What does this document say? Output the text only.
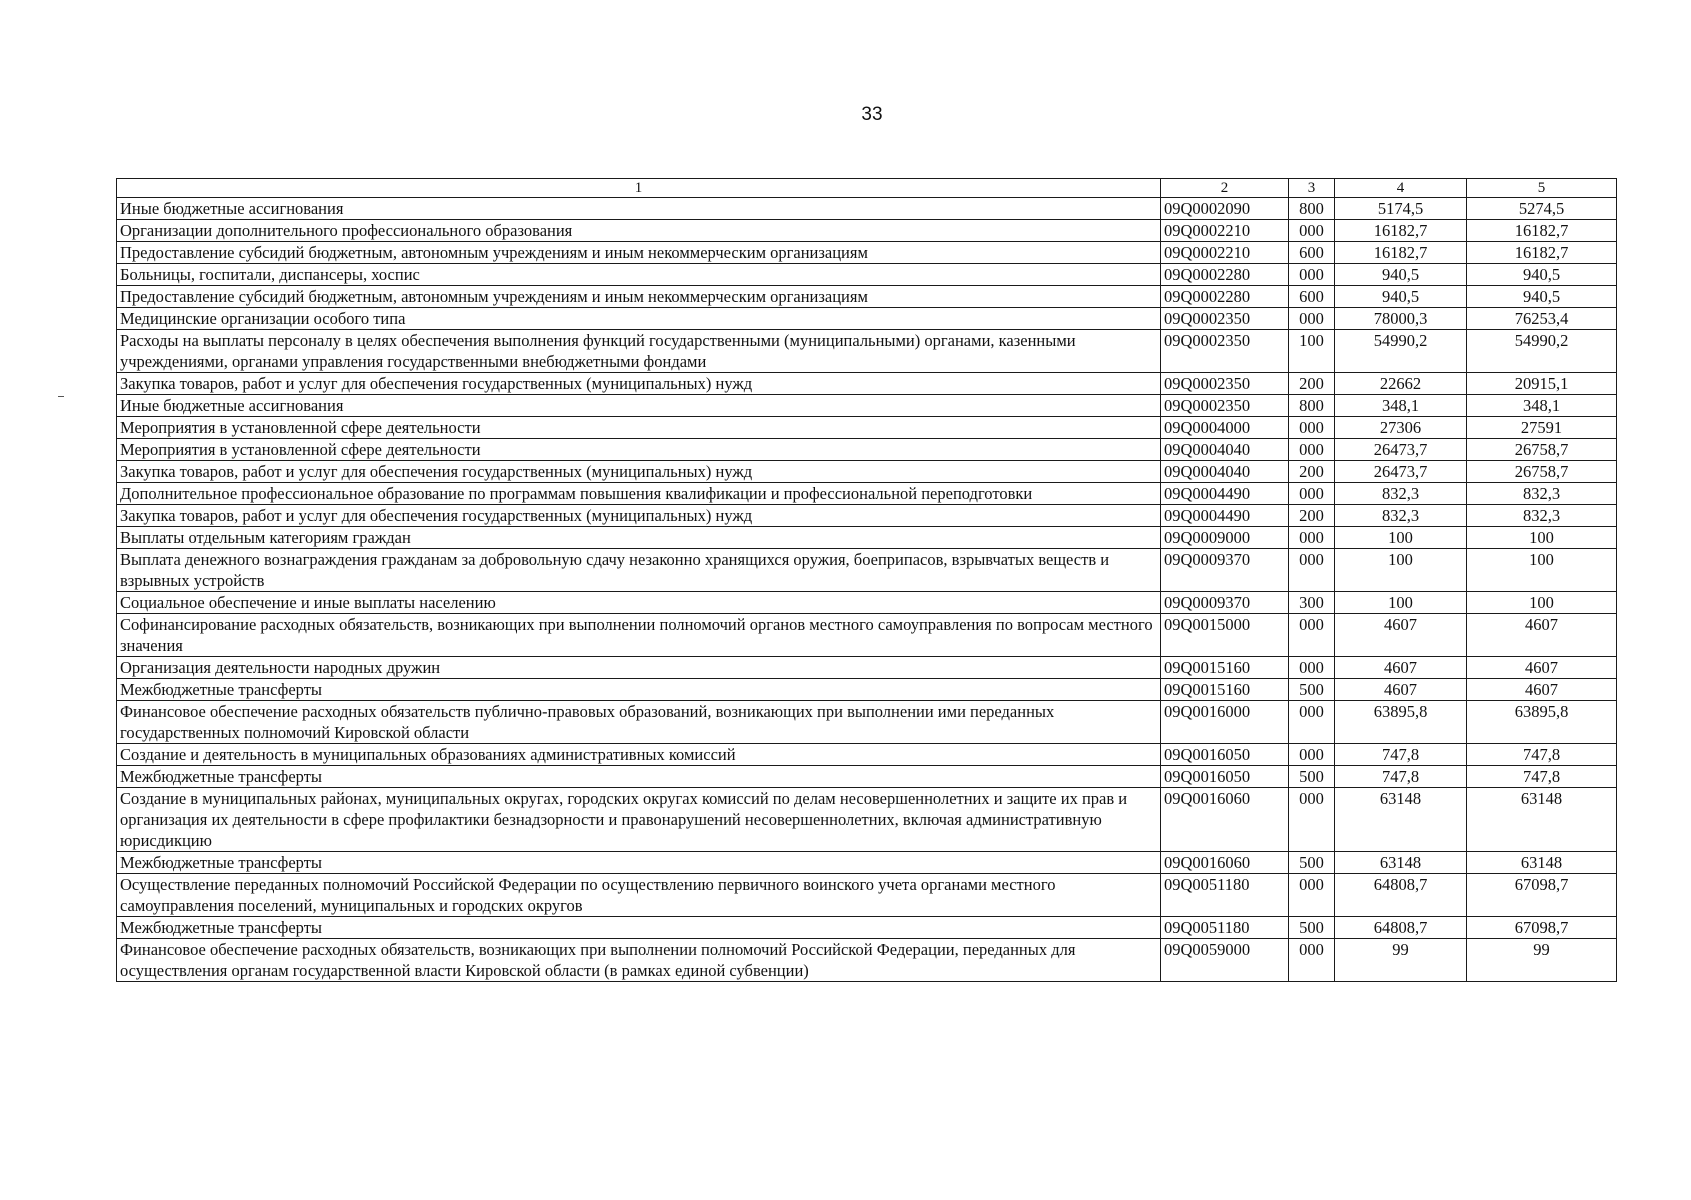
33
1	2	3	4	5
Иные бюджетные ассигнования	09Q0002090	800	5174,5	5274,5
Организации дополнительного профессионального образования	09Q0002210	000	16182,7	16182,7
Предоставление субсидий бюджетным, автономным учреждениям и иным некоммерческим организациям	09Q0002210	600	16182,7	16182,7
Больницы, госпитали, диспансеры, хоспис	09Q0002280	000	940,5	940,5
Предоставление субсидий бюджетным, автономным учреждениям и иным некоммерческим организациям	09Q0002280	600	940,5	940,5
Медицинские организации особого типа	09Q0002350	000	78000,3	76253,4
Расходы на выплаты персоналу в целях обеспечения выполнения функций государственными (муниципальными) органами, казенными учреждениями, органами управления государственными внебюджетными фондами	09Q0002350	100	54990,2	54990,2
Закупка товаров, работ и услуг для обеспечения государственных (муниципальных) нужд	09Q0002350	200	22662	20915,1
Иные бюджетные ассигнования	09Q0002350	800	348,1	348,1
Мероприятия в установленной сфере деятельности	09Q0004000	000	27306	27591
Мероприятия в установленной сфере деятельности	09Q0004040	000	26473,7	26758,7
Закупка товаров, работ и услуг для обеспечения государственных (муниципальных) нужд	09Q0004040	200	26473,7	26758,7
Дополнительное профессиональное образование по программам повышения квалификации и профессиональной переподготовки	09Q0004490	000	832,3	832,3
Закупка товаров, работ и услуг для обеспечения государственных (муниципальных) нужд	09Q0004490	200	832,3	832,3
Выплаты отдельным категориям граждан	09Q0009000	000	100	100
Выплата денежного вознаграждения гражданам за добровольную сдачу незаконно хранящихся оружия, боеприпасов, взрывчатых веществ и взрывных устройств	09Q0009370	000	100	100
Социальное обеспечение и иные выплаты населению	09Q0009370	300	100	100
Софинансирование расходных обязательств, возникающих при выполнении полномочий органов местного самоуправления по вопросам местного значения	09Q0015000	000	4607	4607
Организация деятельности народных дружин	09Q0015160	000	4607	4607
Межбюджетные трансферты	09Q0015160	500	4607	4607
Финансовое обеспечение расходных обязательств публично-правовых образований, возникающих при выполнении ими переданных государственных полномочий Кировской области	09Q0016000	000	63895,8	63895,8
Создание и деятельность в муниципальных образованиях административных комиссий	09Q0016050	000	747,8	747,8
Межбюджетные трансферты	09Q0016050	500	747,8	747,8
Создание в муниципальных районах, муниципальных округах, городских округах комиссий по делам несовершеннолетних и защите их прав и организация их деятельности в сфере профилактики безнадзорности и правонарушений несовершеннолетних, включая административную юрисдикцию	09Q0016060	000	63148	63148
Межбюджетные трансферты	09Q0016060	500	63148	63148
Осуществление переданных полномочий Российской Федерации по осуществлению первичного воинского учета органами местного самоуправления поселений, муниципальных и городских округов	09Q0051180	000	64808,7	67098,7
Межбюджетные трансферты	09Q0051180	500	64808,7	67098,7
Финансовое обеспечение расходных обязательств, возникающих при выполнении полномочий Российской Федерации, переданных для осуществления органам государственной власти Кировской области (в рамках единой субвенции)	09Q0059000	000	99	99
